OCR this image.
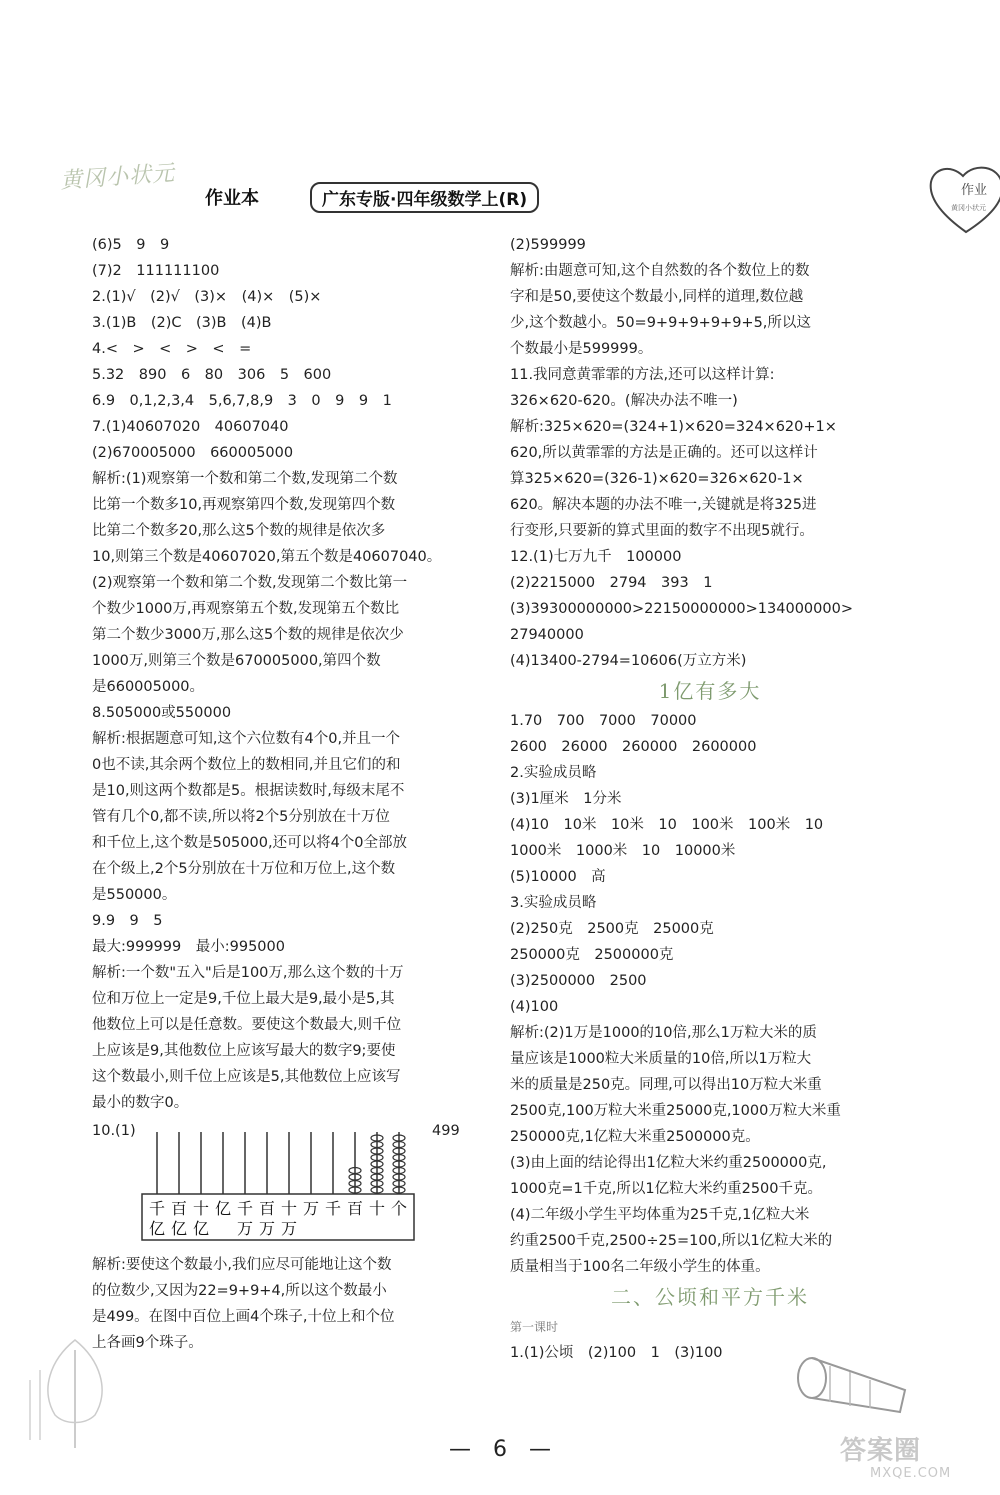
黄冈小状元
作业本	广东专版·四年级数学上(R)	作业
黄冈小状元
(6)5　9　9
(7)2　111111100
2.(1)√　(2)√　(3)×　(4)×　(5)×
3.(1)B　(2)C　(3)B　(4)B
4.<　>　<　>　<　=
5.32　890　6　80　306　5　600
6.9　0,1,2,3,4　5,6,7,8,9　3　0　9　9　1
7.(1)40607020　40607040
(2)670005000　660005000
解析:(1)观察第一个数和第二个数,发现第二个数
比第一个数多10,再观察第四个数,发现第四个数
比第二个数多20,那么这5个数的规律是依次多
10,则第三个数是40607020,第五个数是40607040。
(2)观察第一个数和第二个数,发现第二个数比第一
个数少1000万,再观察第五个数,发现第五个数比
第二个数少3000万,那么这5个数的规律是依次少
1000万,则第三个数是670005000,第四个数
是660005000。
8.505000或550000
解析:根据题意可知,这个六位数有4个0,并且一个
0也不读,其余两个数位上的数相同,并且它们的和
是10,则这两个数都是5。根据读数时,每级末尾不
管有几个0,都不读,所以将2个5分别放在十万位
和千位上,这个数是505000,还可以将4个0全部放
在个级上,2个5分别放在十万位和万位上,这个数
是550000。
9.9　9　5
最大:999999　最小:995000
解析:一个数"五入"后是100万,那么这个数的十万
位和万位上一定是9,千位上最大是9,最小是5,其
他数位上可以是任意数。要使这个数最大,则千位
上应该是9,其他数位上应该写最大的数字9;要使
这个数最小,则千位上应该是5,其他数位上应该写
最小的数字0。
10.(1)	499
千
亿
百
亿
十
亿
亿 千
万
百
万
十
万
万 千 百 十 个
解析:要使这个数最小,我们应尽可能地让这个数
的位数少,又因为22=9+9+4,所以这个数最小
是499。在图中百位上画4个珠子,十位上和个位
上各画9个珠子。
(2)599999
解析:由题意可知,这个自然数的各个数位上的数
字和是50,要使这个数最小,同样的道理,数位越
少,这个数越小。50=9+9+9+9+9+5,所以这
个数最小是599999。
11.我同意黄霏霏的方法,还可以这样计算:
326×620-620。(解决办法不唯一)
解析:325×620=(324+1)×620=324×620+1×
620,所以黄霏霏的方法是正确的。还可以这样计
算325×620=(326-1)×620=326×620-1×
620。解决本题的办法不唯一,关键就是将325进
行变形,只要新的算式里面的数字不出现5就行。
12.(1)七万九千　100000
(2)2215000　2794　393　1
(3)39300000000>22150000000>134000000>
27940000
(4)13400-2794=10606(万立方米)
1亿有多大
1.70　700　7000　70000
2600　26000　260000　2600000
2.实验成员略
(3)1厘米　1分米
(4)10　10米　10米　10　100米　100米　10
1000米　1000米　10　10000米
(5)10000　高
3.实验成员略
(2)250克　2500克　25000克
250000克　2500000克
(3)2500000　2500
(4)100
解析:(2)1万是1000的10倍,那么1万粒大米的质
量应该是1000粒大米质量的10倍,所以1万粒大
米的质量是250克。同理,可以得出10万粒大米重
2500克,100万粒大米重25000克,1000万粒大米重
250000克,1亿粒大米重2500000克。
(3)由上面的结论得出1亿粒大米约重2500000克,
1000克=1千克,所以1亿粒大米约重2500千克。
(4)二年级小学生平均体重为25千克,1亿粒大米
约重2500千克,2500÷25=100,所以1亿粒大米的
质量相当于100名二年级小学生的体重。
二、公顷和平方千米
第一课时
1.(1)公顷　(2)100　1　(3)100
—　6　—	答案圈
MXQE.COM
